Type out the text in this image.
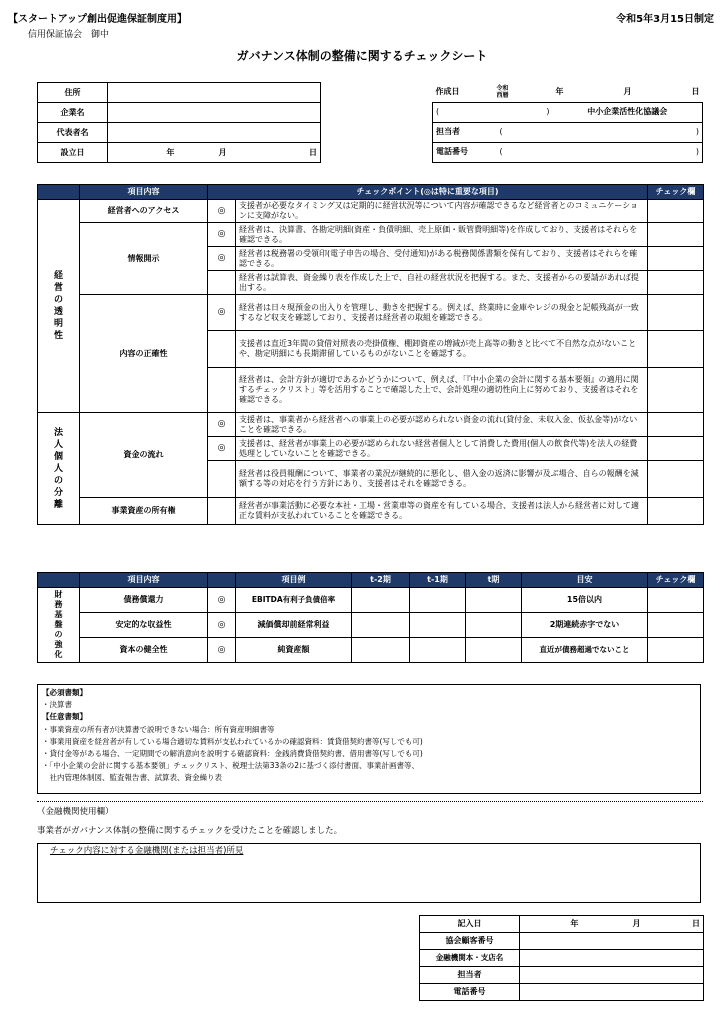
【スタートアップ創出促進保証制度用】	令和5年3月15日制定
信用保証協会　御中
ガバナンス体制の整備に関するチェックシート
住所			
企業名			
代表者名			
設立日	年	月	日
作成日	令和
西暦		年	月	日
(	)		中小企業活性化協議会		
担当者	( )				

電話番号	( )				
	項目内容	チェックポイント(◎は特に重要な項目)		チェック欄

経営の透明性	経営者へのアクセス	◎	支援者が必要なタイミング又は定期的に経営状況等について内容が確認できるなど経営者とのコミュニケーションに支障がない。	
	情報開示	◎	経営者は、決算書、各勘定明細(資産・負債明細、売上原価・販管費明細等)を作成しており、支援者はそれらを確認できる。	
		◎	経営者は税務署の受領印(電子申告の場合、受付通知)がある税務関係書類を保有しており、支援者はそれらを確認できる。	
			経営者は試算表、資金繰り表を作成した上で、自社の経営状況を把握する。また、支援者からの要請があれば提出する。	
	内容の正確性	◎	経営者は日々現預金の出入りを管理し、動きを把握する。例えば、終業時に金庫やレジの現金と記帳残高が一致するなど収支を確認しており、支援者は経営者の取組を確認できる。	
			支援者は直近3年間の貸借対照表の売掛債権、棚卸資産の増減が売上高等の動きと比べて不自然な点がないことや、勘定明細にも長期滞留しているものがないことを確認する。	
			経営者は、会計方針が適切であるかどうかについて、例えば、「『中小企業の会計に関する基本要領』の適用に関するチェックリスト」等を活用することで確認した上で、会計処理の適切性向上に努めており、支援者はそれを確認できる。	

法人個人の分離	資金の流れ	◎	支援者は、事業者から経営者への事業上の必要が認められない資金の流れ(貸付金、未収入金、仮払金等)がないことを確認できる。	
		◎	支援者は、経営者が事業上の必要が認められない経営者個人として消費した費用(個人の飲食代等)を法人の経費処理としていないことを確認できる。	
			経営者は役員報酬について、事業者の業況が継続的に悪化し、借入金の返済に影響が及ぶ場合、自らの報酬を減額する等の対応を行う方針にあり、支援者はそれを確認できる。	
	事業資産の所有権		経営者が事業活動に必要な本社・工場・営業車等の資産を有している場合、支援者は法人から経営者に対して適正な賃料が支払われていることを確認できる。	
	項目内容		項目例	t-2期	t-1期	t期	目安	チェック欄

財務基盤の強化	債務償還力	◎	EBITDA有利子負債倍率				15倍以内	
	安定的な収益性	◎	減価償却前経常利益				2期連続赤字でない	
	資本の健全性	◎	純資産額				直近が債務超過でないこと	
【必須書類】
・決算書
【任意書類】
・事業資産の所有者が決算書で説明できない場合：所有資産明細書等
・事業用資産を経営者が有している場合適切な賃料が支払われているかの確認資料：賃貸借契約書等(写しでも可)
・貸付金等がある場合、一定期間での解消意向を説明する確認資料：金銭消費貸借契約書、借用書等(写しでも可)
・「中小企業の会計に関する基本要領」チェックリスト、税理士法第33条の2に基づく添付書面、事業計画書等、
　社内管理体制図、監査報告書、試算表、資金繰り表
（金融機関使用欄）
事業者がガバナンス体制の整備に関するチェックを受けたことを確認しました。
チェック内容に対する金融機関(または担当者)所見
記入日	年	月	日
協会顧客番号			
金融機関本・支店名			
担当者			
電話番号			
